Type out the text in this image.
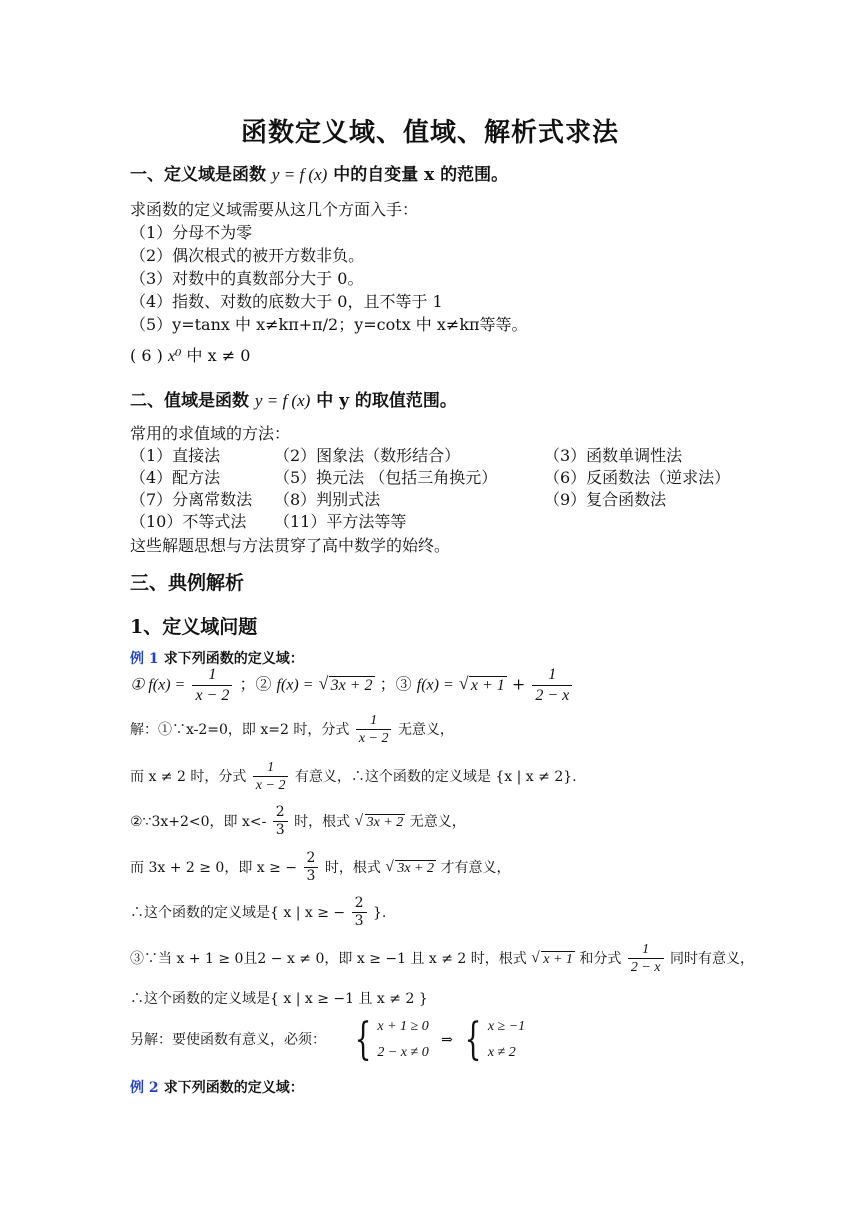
函数定义域、值域、解析式求法
一、定义域是函数 y = f (x) 中的自变量 x 的范围。
求函数的定义域需要从这几个方面入手：
（1）分母不为零
（2）偶次根式的被开方数非负。
（3）对数中的真数部分大于 0。
（4）指数、对数的底数大于 0，且不等于 1
（5）y=tanx 中 x≠kπ+π/2；y=cotx 中 x≠kπ等等。
( 6 ) x⁰ 中 x ≠ 0
二、值域是函数 y = f (x) 中 y 的取值范围。
常用的求值域的方法：
（1）直接法	（2）图象法（数形结合）	（3）函数单调性法
（4）配方法	（5）换元法 （包括三角换元）	（6）反函数法（逆求法）
（7）分离常数法 （8）判别式法	（9）复合函数法
（10）不等式法 （11）平方法等等
这些解题思想与方法贯穿了高中数学的始终。
三、典例解析
1、定义域问题
例 1 求下列函数的定义域：
① $f(x) = \frac{1}{x - 2}$ ；② f(x) = √ 3x + 2 ；③ f(x) = √ $x + 1 + \frac{1}{2 - x}$
解：①∵x-2=0，即 x=2 时，分式 $\frac{1}{x - 2}$ 无意义，
而 x ≠ 2 时，分式 $\frac{1}{x - 2}$ 有意义，∴这个函数的定义域是 {x | x ≠ 2}.
②∵3x+2<0，即 $x<- \frac{2}{3}$ 时，根式 √ 3x + 2 无意义，
而 3x + 2 ≥ 0，即 x ≥ − $\frac{2}{3}$ 时，根式 √ 3x + 2 才有意义，
∴这个函数的定义域是{ x | x ≥ − $\frac{2}{3}$ }.
③∵当 x + 1 ≥ 0且2 − x ≠ 0，即 x ≥ −1 且 x ≠ 2 时，根式 √ x + 1 和分式 $\frac{1}{2 - x}$ 同时有意义，
∴这个函数的定义域是{ x | x ≥ −1 且 x ≠ 2 }
另解：要使函数有意义，必须： { x + 1 ≥ 0
2 − x ≠ 0
⇒ { x ≥ −1
x ≠ 2
例 2 求下列函数的定义域：
